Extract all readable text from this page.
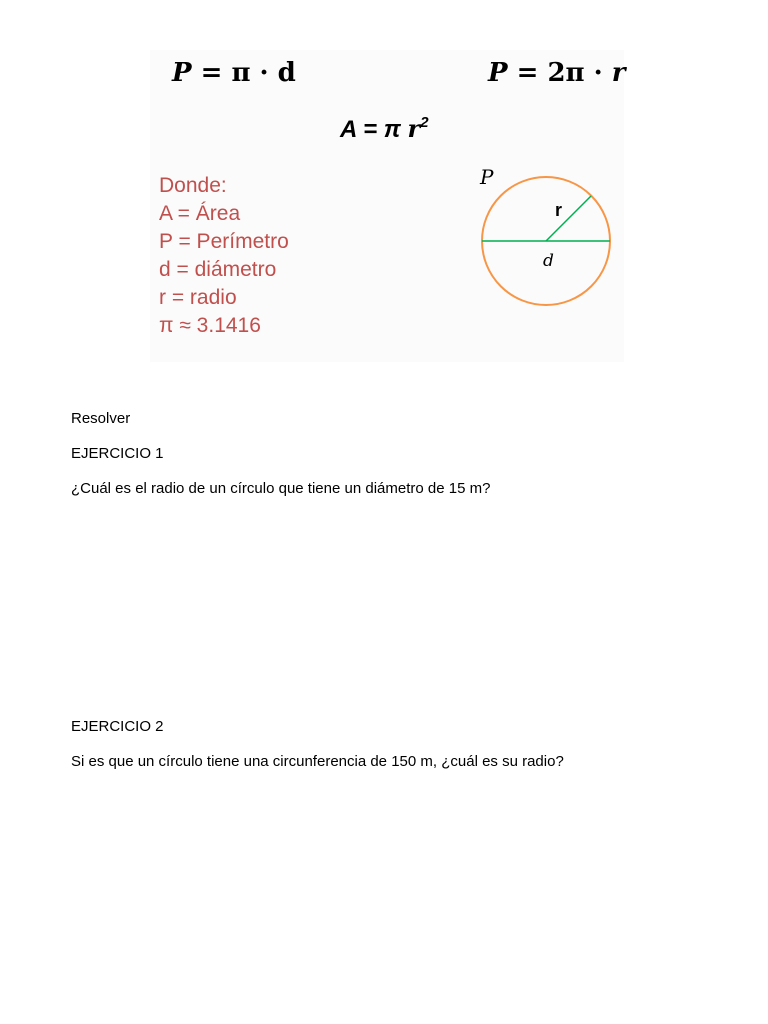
P = π · d	P = 2π · r
A = π $r^2$
Donde:
A = Área
P = Perímetro
d = diámetro
r = radio
π ≈ 3.1416
P
r
d
Resolver
EJERCICIO 1
¿Cuál es el radio de un círculo que tiene un diámetro de 15 m?
EJERCICIO 2
Si es que un círculo tiene una circunferencia de 150 m, ¿cuál es su radio?
